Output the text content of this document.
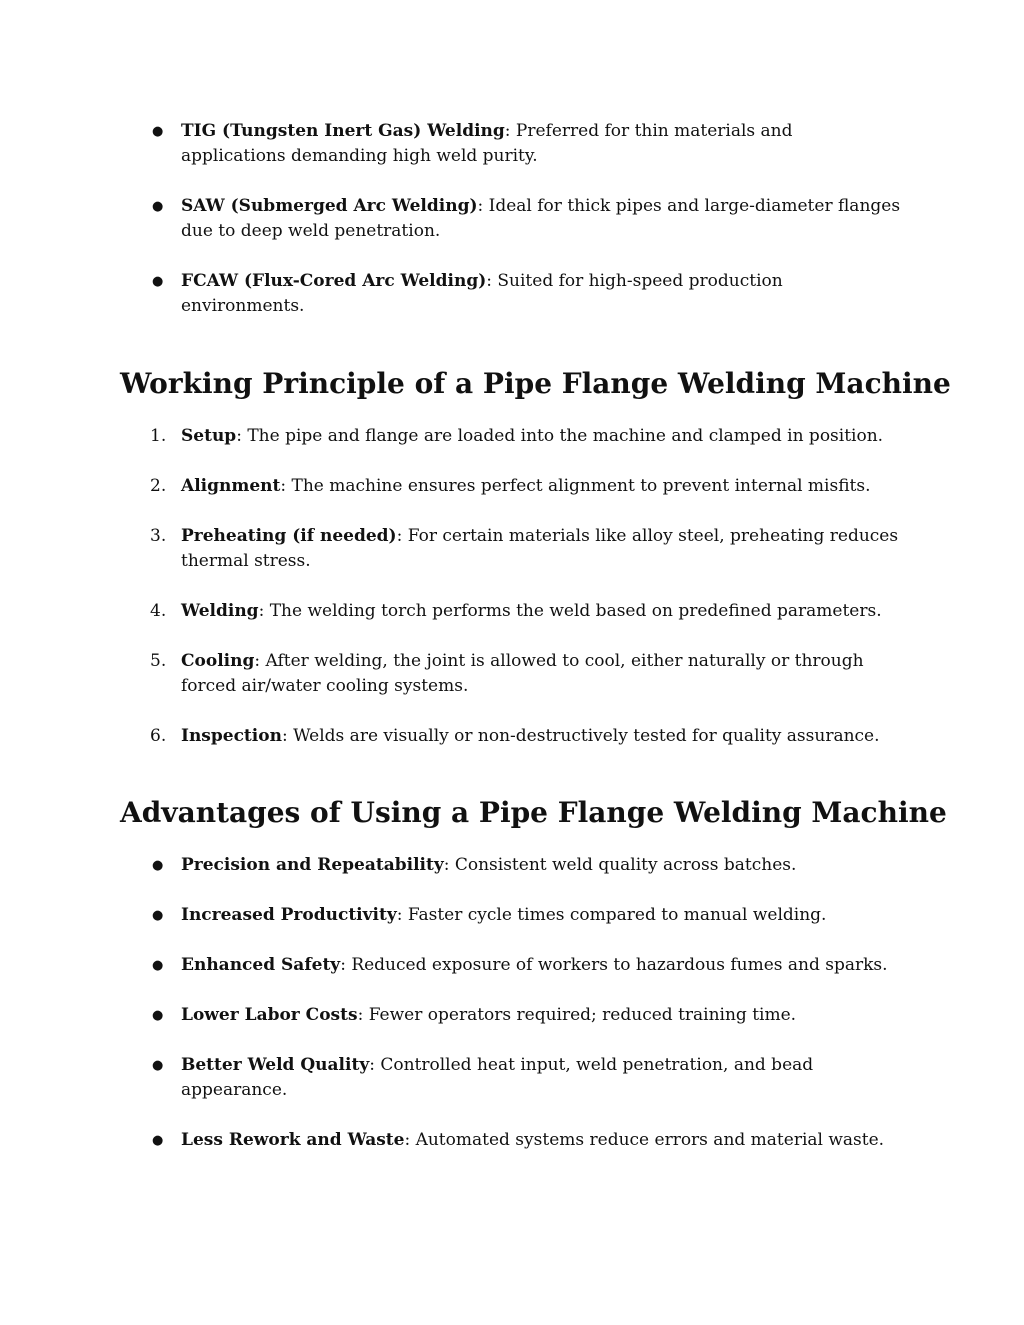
●	TIG (Tungsten Inert Gas) Welding: Preferred for thin materials and applications demanding high weld purity.
●	SAW (Submerged Arc Welding): Ideal for thick pipes and large-diameter flanges due to deep weld penetration.
●	FCAW (Flux-Cored Arc Welding): Suited for high-speed production environments.
Working Principle of a Pipe Flange Welding Machine
1. Setup: The pipe and flange are loaded into the machine and clamped in position.
2. Alignment: The machine ensures perfect alignment to prevent internal misfits.
3. Preheating (if needed): For certain materials like alloy steel, preheating reduces thermal stress.
4. Welding: The welding torch performs the weld based on predefined parameters.
5. Cooling: After welding, the joint is allowed to cool, either naturally or through forced air/water cooling systems.
6. Inspection: Welds are visually or non-destructively tested for quality assurance.
Advantages of Using a Pipe Flange Welding Machine
●	Precision and Repeatability: Consistent weld quality across batches.
●	Increased Productivity: Faster cycle times compared to manual welding.
●	Enhanced Safety: Reduced exposure of workers to hazardous fumes and sparks.
●	Lower Labor Costs: Fewer operators required; reduced training time.
●	Better Weld Quality: Controlled heat input, weld penetration, and bead appearance.
●	Less Rework and Waste: Automated systems reduce errors and material waste.
